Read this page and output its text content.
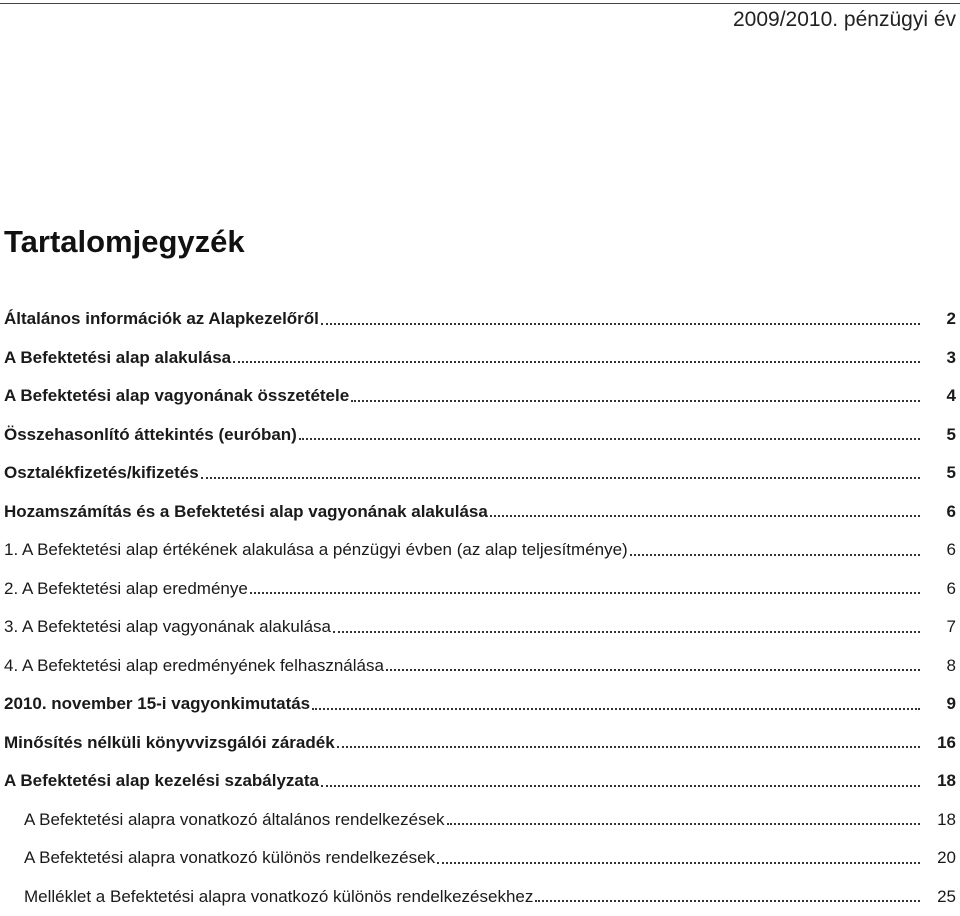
2009/2010. pénzügyi év
Tartalomjegyzék
Általános információk az Alapkezelőről	2
A Befektetési alap alakulása	3
A Befektetési alap vagyonának összetétele	4
Összehasonlító áttekintés (euróban)	5
Osztalékfizetés/kifizetés	5
Hozamszámítás és a Befektetési alap vagyonának alakulása	6
1. A Befektetési alap értékének alakulása a pénzügyi évben (az alap teljesítménye)	6
2. A Befektetési alap eredménye	6
3. A Befektetési alap vagyonának alakulása	7
4. A Befektetési alap eredményének felhasználása	8
2010. november 15-i vagyonkimutatás	9
Minősítés nélküli könyvvizsgálói záradék	16
A Befektetési alap kezelési szabályzata	18
A Befektetési alapra vonatkozó általános rendelkezések	18
A Befektetési alapra vonatkozó különös rendelkezések	20
Melléklet a Befektetési alapra vonatkozó különös rendelkezésekhez	25
